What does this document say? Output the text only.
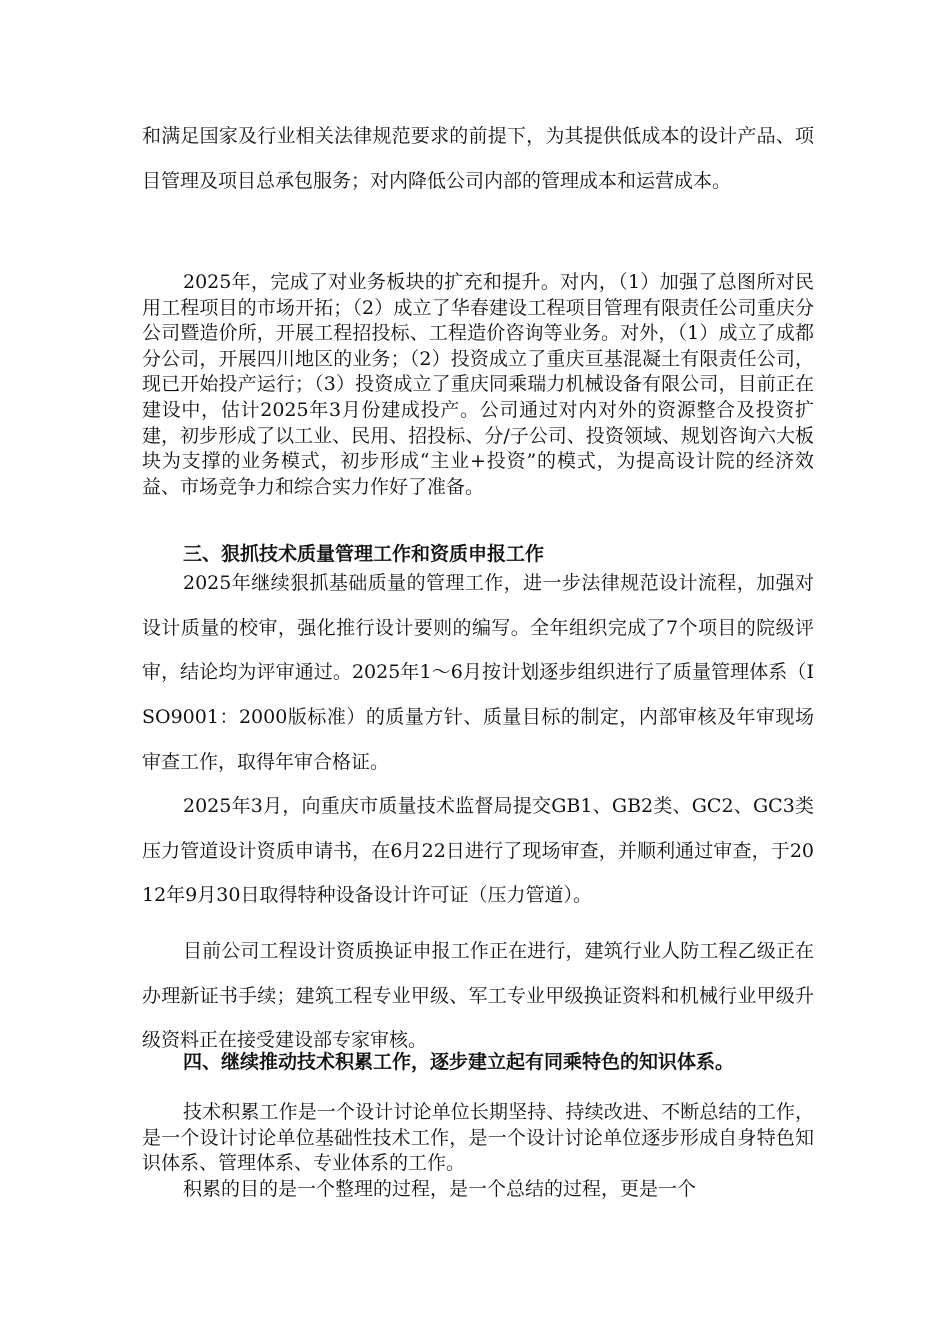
和满足国家及行业相关法律规范要求的前提下，为其提供低成本的设计产品、项目管理及项目总承包服务；对内降低公司内部的管理成本和运营成本。

2025年，完成了对业务板块的扩充和提升。对内，（1）加强了总图所对民用工程项目的市场开拓；（2）成立了华春建设工程项目管理有限责任公司重庆分公司暨造价所，开展工程招投标、工程造价咨询等业务。对外，（1）成立了成都分公司，开展四川地区的业务；（2）投资成立了重庆亘基混凝土有限责任公司，现已开始投产运行；（3）投资成立了重庆同乘瑞力机械设备有限公司，目前正在建设中，估计2025年3月份建成投产。公司通过对内对外的资源整合及投资扩建，初步形成了以工业、民用、招投标、分/子公司、投资领域、规划咨询六大板块为支撑的业务模式，初步形成“主业+投资”的模式，为提高设计院的经济效益、市场竞争力和综合实力作好了准备。

三、狠抓技术质量管理工作和资质申报工作

2025年继续狠抓基础质量的管理工作，进一步法律规范设计流程，加强对设计质量的校审，强化推行设计要则的编写。全年组织完成了7个项目的院级评审，结论均为评审通过。2025年1～6月按计划逐步组织进行了质量管理体系（ISO9001：2000版标准）的质量方针、质量目标的制定，内部审核及年审现场审查工作，取得年审合格证。

2025年3月，向重庆市质量技术监督局提交GB1、GB2类、GC2、GC3类压力管道设计资质申请书，在6月22日进行了现场审查，并顺利通过审查，于2012年9月30日取得特种设备设计许可证（压力管道）。

目前公司工程设计资质换证申报工作正在进行，建筑行业人防工程乙级正在办理新证书手续；建筑工程专业甲级、军工专业甲级换证资料和机械行业甲级升级资料正在接受建设部专家审核。

四、继续推动技术积累工作，逐步建立起有同乘特色的知识体系。

技术积累工作是一个设计讨论单位长期坚持、持续改进、不断总结的工作，是一个设计讨论单位基础性技术工作，是一个设计讨论单位逐步形成自身特色知识体系、管理体系、专业体系的工作。

积累的目的是一个整理的过程，是一个总结的过程，更是一个
